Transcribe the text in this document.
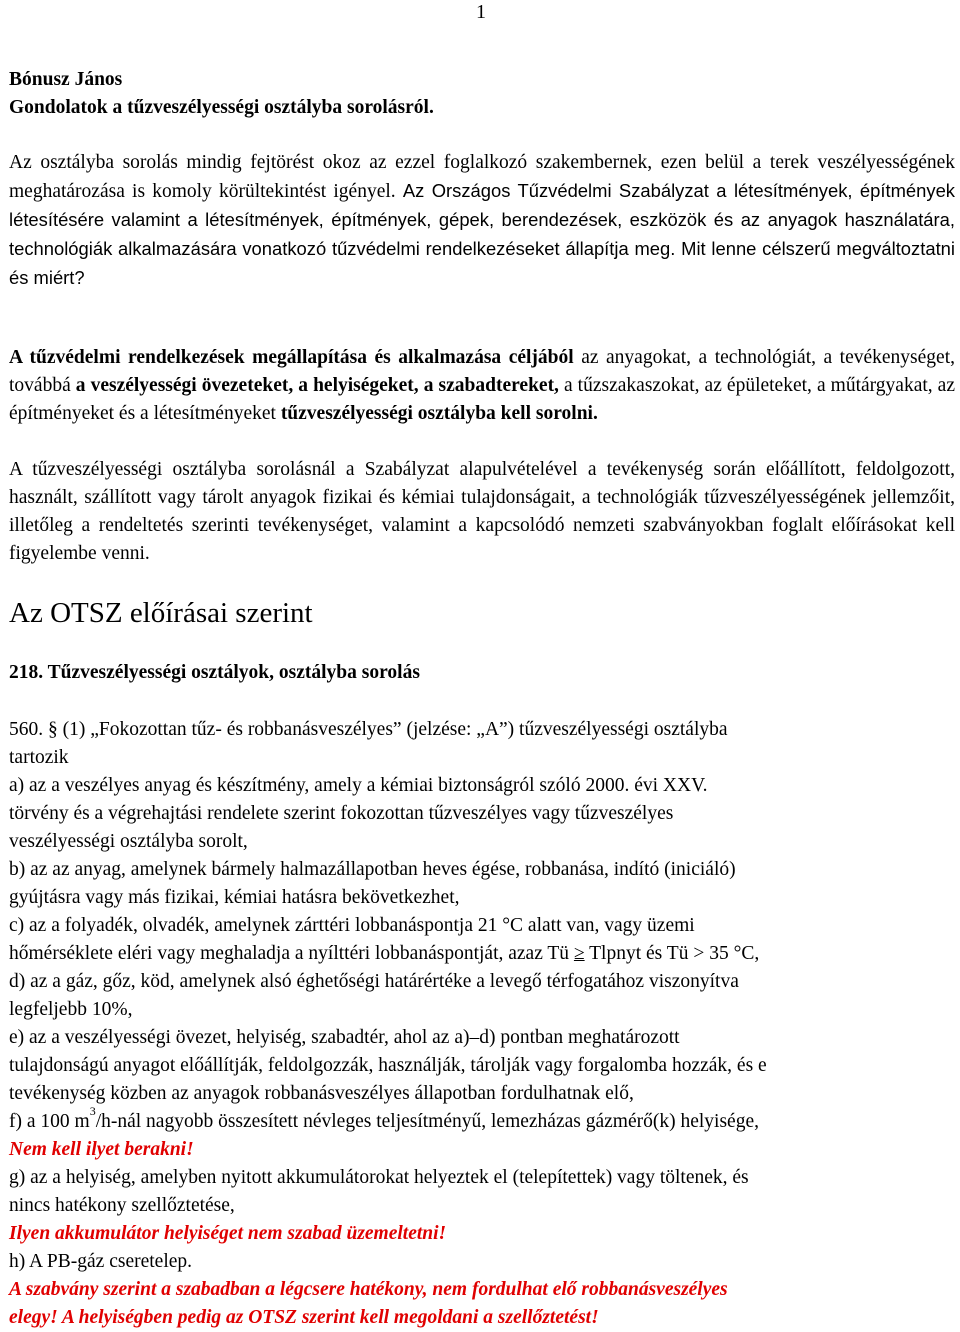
1

Bónusz János

Gondolatok a tűzveszélyességi osztályba sorolásról.

Az osztályba sorolás mindig fejtörést okoz az ezzel foglalkozó szakembernek, ezen belül a terek veszélyességének meghatározása is komoly körültekintést igényel. Az Országos Tűzvédelmi Szabályzat a létesítmények, építmények létesítésére valamint a létesítmények, építmények, gépek, berendezések, eszközök és az anyagok használatára, technológiák alkalmazására vonatkozó tűzvédelmi rendelkezéseket állapítja meg. Mit lenne célszerű megváltoztatni és miért?

A tűzvédelmi rendelkezések megállapítása és alkalmazása céljából az anyagokat, a technológiát, a tevékenységet, továbbá a veszélyességi övezeteket, a helyiségeket, a szabadtereket, a tűzszakaszokat, az épületeket, a műtárgyakat, az építményeket és a létesítményeket tűzveszélyességi osztályba kell sorolni.

A tűzveszélyességi osztályba sorolásnál a Szabályzat alapulvételével a tevékenység során előállított, feldolgozott, használt, szállított vagy tárolt anyagok fizikai és kémiai tulajdonságait, a technológiák tűzveszélyességének jellemzőit, illetőleg a rendeltetés szerinti tevékenységet, valamint a kapcsolódó nemzeti szabványokban foglalt előírásokat kell figyelembe venni.

Az OTSZ előírásai szerint

218. Tűzveszélyességi osztályok, osztályba sorolás

560. § (1) „Fokozottan tűz- és robbanásveszélyes” (jelzése: „A”) tűzveszélyességi osztályba

tartozik

a) az a veszélyes anyag és készítmény, amely a kémiai biztonságról szóló 2000. évi XXV.

törvény és a végrehajtási rendelete szerint fokozottan tűzveszélyes vagy tűzveszélyes

veszélyességi osztályba sorolt,

b) az az anyag, amelynek bármely halmazállapotban heves égése, robbanása, indító (iniciáló)

gyújtásra vagy más fizikai, kémiai hatásra bekövetkezhet,

c) az a folyadék, olvadék, amelynek zárttéri lobbanáspontja 21 °C alatt van, vagy üzemi

hőmérséklete eléri vagy meghaladja a nyílttéri lobbanáspontját, azaz Tü ≥ Tlpnyt és Tü > 35 °C,

d) az a gáz, gőz, köd, amelynek alsó éghetőségi határértéke a levegő térfogatához viszonyítva

legfeljebb 10%,

e) az a veszélyességi övezet, helyiség, szabadtér, ahol az a)–d) pontban meghatározott

tulajdonságú anyagot előállítják, feldolgozzák, használják, tárolják vagy forgalomba hozzák, és e

tevékenység közben az anyagok robbanásveszélyes állapotban fordulhatnak elő,

f) a 100 $m^3/h$-nál nagyobb összesített névleges teljesítményű, lemezházas gázmérő(k) helyisége,

Nem kell ilyet berakni!

g) az a helyiség, amelyben nyitott akkumulátorokat helyeztek el (telepítettek) vagy töltenek, és

nincs hatékony szellőztetése,

Ilyen akkumulátor helyiséget nem szabad üzemeltetni!

h) A PB-gáz cseretelep.

A szabvány szerint a szabadban a légcsere hatékony, nem fordulhat elő robbanásveszélyes

elegy! A helyiségben pedig az OTSZ szerint kell megoldani a szellőztetést!
